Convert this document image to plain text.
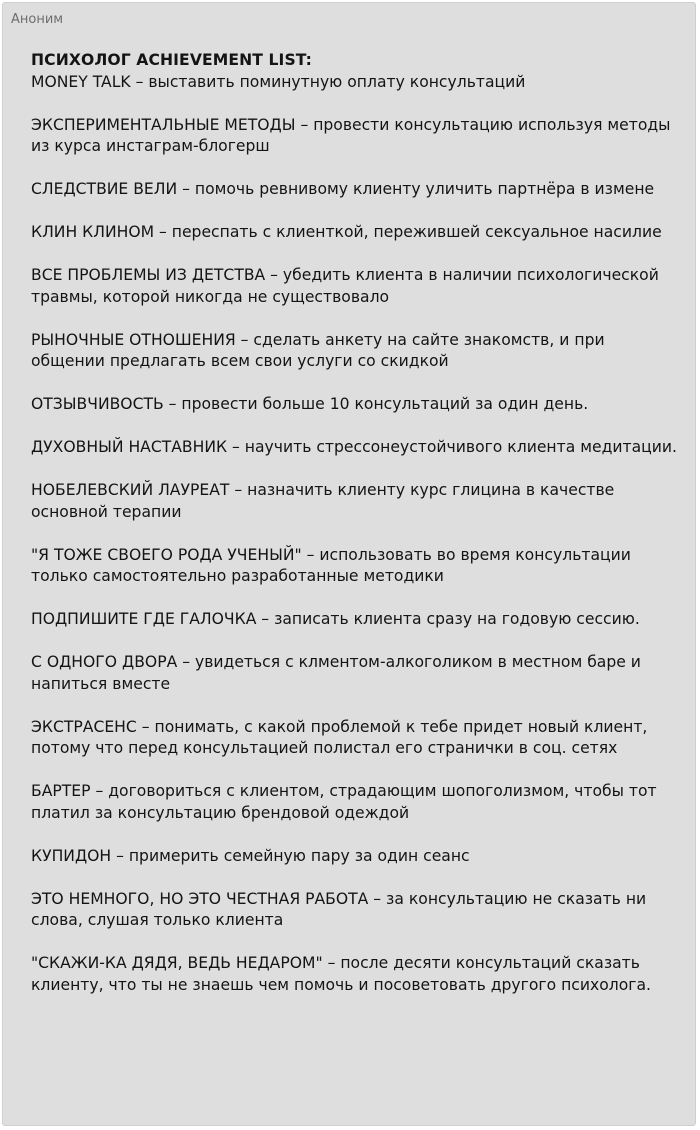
Аноним
ПСИХОЛОГ ACHIEVEMENT LIST:
MONEY TALK – выставить поминутную оплату консультаций
ЭКСПЕРИМЕНТАЛЬНЫЕ МЕТОДЫ – провести консультацию используя методы из курса инстаграм-блогерш
СЛЕДСТВИЕ ВЕЛИ – помочь ревнивому клиенту уличить партнёра в измене
КЛИН КЛИНОМ – переспать с клиенткой, пережившей сексуальное насилие
ВСЕ ПРОБЛЕМЫ ИЗ ДЕТСТВА – убедить клиента в наличии психологической травмы, которой никогда не существовало
РЫНОЧНЫЕ ОТНОШЕНИЯ – сделать анкету на сайте знакомств, и при общении предлагать всем свои услуги со скидкой
ОТЗЫВЧИВОСТЬ – провести больше 10 консультаций за один день.
ДУХОВНЫЙ НАСТАВНИК – научить стрессонеустойчивого клиента медитации.
НОБЕЛЕВСКИЙ ЛАУРЕАТ – назначить клиенту курс глицина в качестве основной терапии
"Я ТОЖЕ СВОЕГО РОДА УЧЕНЫЙ" – использовать во время консультации только самостоятельно разработанные методики
ПОДПИШИТЕ ГДЕ ГАЛОЧКА – записать клиента сразу на годовую сессию.
С ОДНОГО ДВОРА – увидеться с клментом-алкоголиком в местном баре и напиться вместе
ЭКСТРАСЕНС – понимать, с какой проблемой к тебе придет новый клиент, потому что перед консультацией полистал его странички в соц. сетях
БАРТЕР – договориться с клиентом, страдающим шопоголизмом, чтобы тот платил за консультацию брендовой одеждой
КУПИДОН – примерить семейную пару за один сеанс
ЭТО НЕМНОГО, НО ЭТО ЧЕСТНАЯ РАБОТА – за консультацию не сказать ни слова, слушая только клиента
"СКАЖИ-КА ДЯДЯ, ВЕДЬ НЕДАРОМ" – после десяти консультаций сказать клиенту, что ты не знаешь чем помочь и посоветовать другого психолога.
